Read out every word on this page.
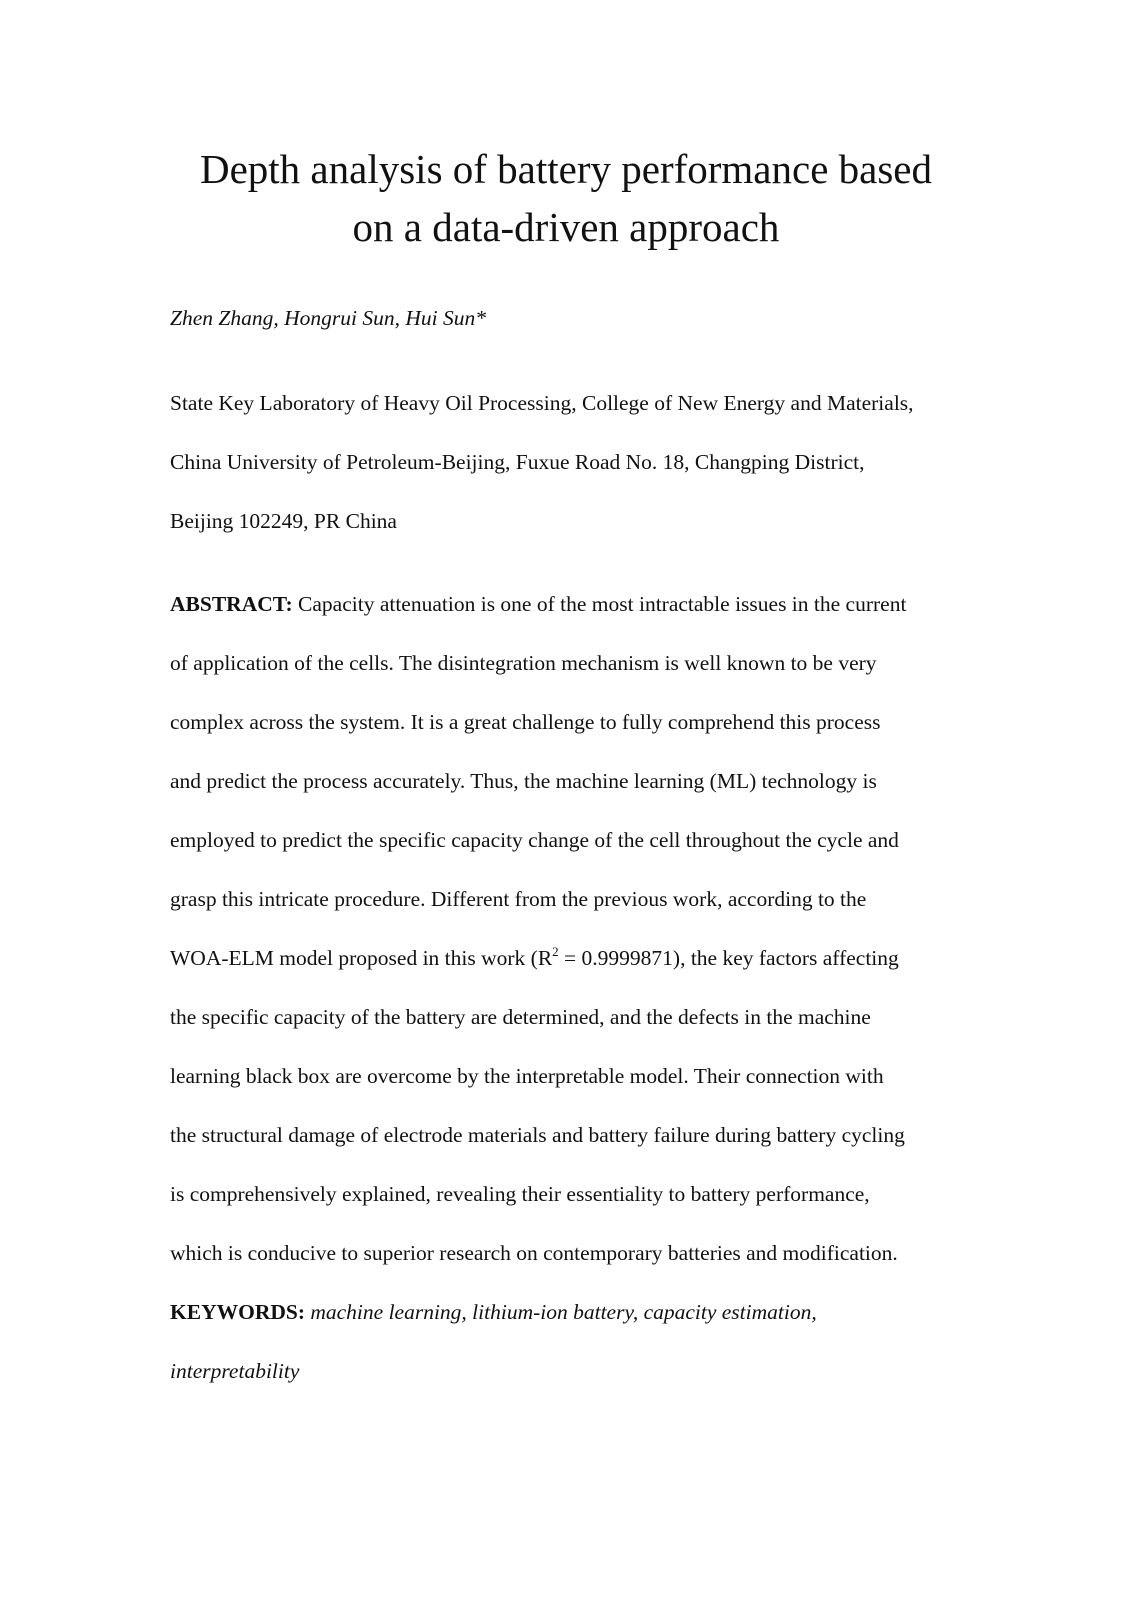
Depth analysis of battery performance based
on a data-driven approach

Zhen Zhang, Hongrui Sun, Hui Sun*

State Key Laboratory of Heavy Oil Processing, College of New Energy and Materials,
China University of Petroleum-Beijing, Fuxue Road No. 18, Changping District,
Beijing 102249, PR China

ABSTRACT: Capacity attenuation is one of the most intractable issues in the current
of application of the cells. The disintegration mechanism is well known to be very
complex across the system. It is a great challenge to fully comprehend this process
and predict the process accurately. Thus, the machine learning (ML) technology is
employed to predict the specific capacity change of the cell throughout the cycle and
grasp this intricate procedure. Different from the previous work, according to the
WOA-ELM model proposed in this work $(R^2 = 0.9999871)$, the key factors affecting
the specific capacity of the battery are determined, and the defects in the machine
learning black box are overcome by the interpretable model. Their connection with
the structural damage of electrode materials and battery failure during battery cycling
is comprehensively explained, revealing their essentiality to battery performance,
which is conducive to superior research on contemporary batteries and modification.
KEYWORDS: machine learning, lithium-ion battery, capacity estimation,
interpretability
